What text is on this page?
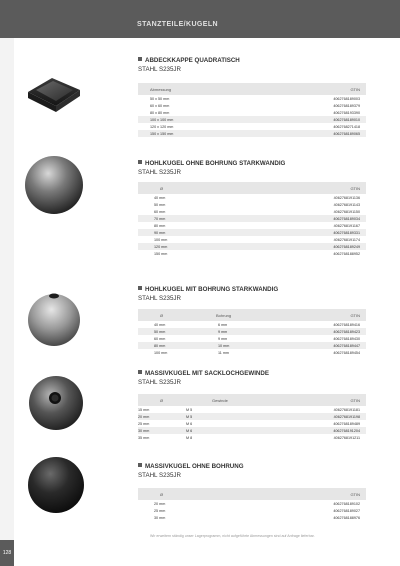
STANZTEILE/KUGELN
128
ABDECKKAPPE QUADRATISCH
STAHL S235JR
Abmessung	GTIN
50 x 50 mm	4062768189003
60 x 60 mm	4062768189379
80 x 80 mm	4062768193390
100 x 100 mm	4062768189010
120 x 120 mm	4062768271418
150 x 150 mm	4062768189065
HOHLKUGEL OHNE BOHRUNG STARKWANDIG
STAHL S235JR
Ø	GTIN
40 mm	4062768191136
50 mm	4062768191143
60 mm	4062768191150
70 mm	4062768189034
80 mm	4062768191167
90 mm	4062768189331
100 mm	4062768191174
120 mm	4062768189249
150 mm	4062768188952
HOHLKUGEL MIT BOHRUNG STARKWANDIG
STAHL S235JR
Ø	Bohrung	GTIN
40 mm	6 mm	4062768189416
50 mm	9 mm	4062768189423
60 mm	9 mm	4062768189430
80 mm	10 mm	4062768189447
100 mm	11 mm	4062768189454
MASSIVKUGEL MIT SACKLOCHGEWINDE
STAHL S235JR
Ø	Gewinde	GTIN
15 mm	M 5	4062768191181
20 mm	M 5	4062768191198
25 mm	M 6	4062768189489
30 mm	M 6	4062768191204
35 mm	M 8	4062768191211
MASSIVKUGEL OHNE BOHRUNG
STAHL S235JR
Ø	GTIN
20 mm	4062768189102
25 mm	4062768189027
30 mm	4062768188976
Wir erweitern ständig unser Lagerprogramm, nicht aufgeführte Abmessungen sind auf Anfrage lieferbar.
